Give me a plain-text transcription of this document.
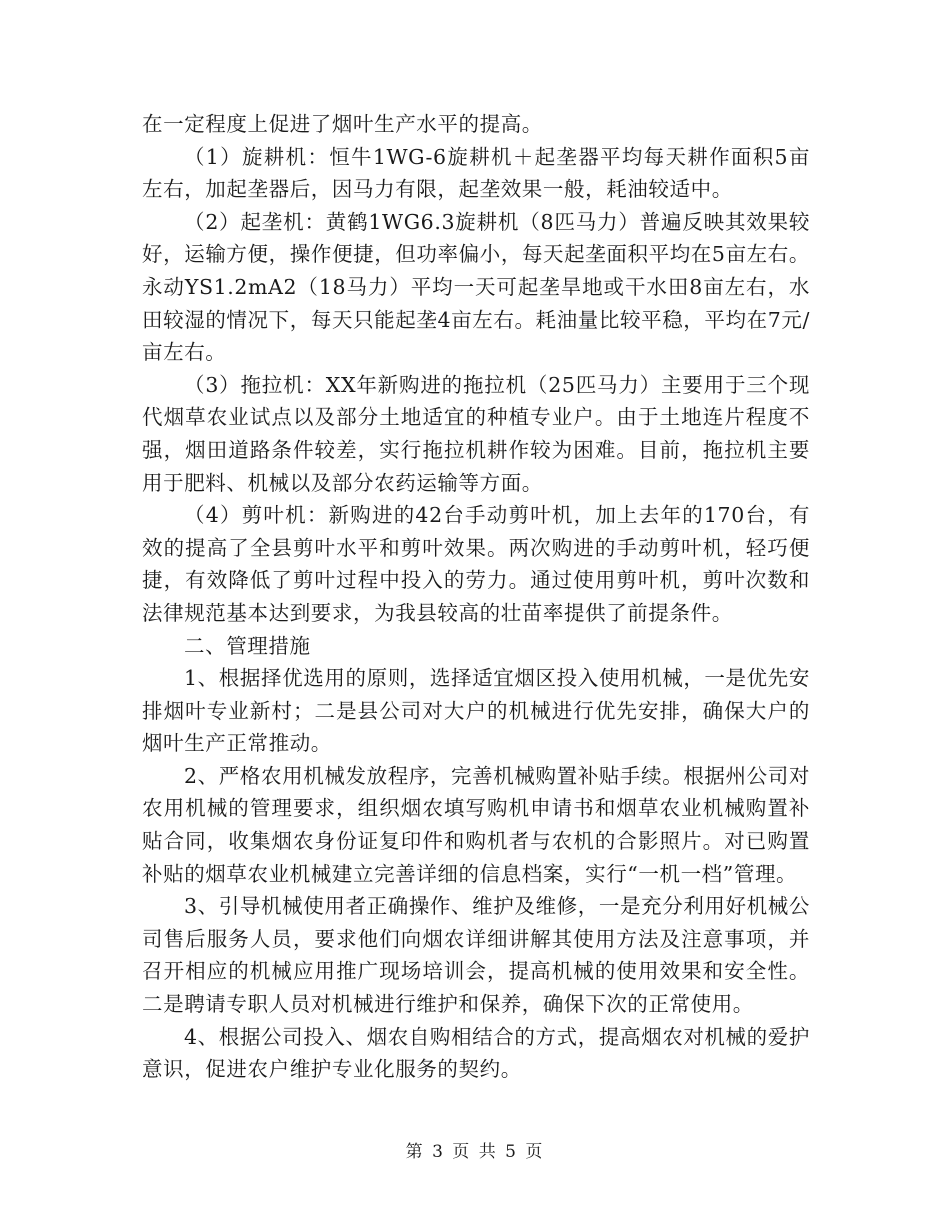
在一定程度上促进了烟叶生产水平的提高。

（1）旋耕机：恒牛1WG-6旋耕机＋起垄器平均每天耕作面积5亩左右，加起垄器后，因马力有限，起垄效果一般，耗油较适中。

（2）起垄机：黄鹤1WG6.3旋耕机（8匹马力）普遍反映其效果较好，运输方便，操作便捷，但功率偏小，每天起垄面积平均在5亩左右。永动YS1.2mA2（18马力）平均一天可起垄旱地或干水田8亩左右，水田较湿的情况下，每天只能起垄4亩左右。耗油量比较平稳，平均在7元/亩左右。

（3）拖拉机：XX年新购进的拖拉机（25匹马力）主要用于三个现代烟草农业试点以及部分土地适宜的种植专业户。由于土地连片程度不强，烟田道路条件较差，实行拖拉机耕作较为困难。目前，拖拉机主要用于肥料、机械以及部分农药运输等方面。

（4）剪叶机：新购进的42台手动剪叶机，加上去年的170台，有效的提高了全县剪叶水平和剪叶效果。两次购进的手动剪叶机，轻巧便捷，有效降低了剪叶过程中投入的劳力。通过使用剪叶机，剪叶次数和法律规范基本达到要求，为我县较高的壮苗率提供了前提条件。

二、管理措施

1、根据择优选用的原则，选择适宜烟区投入使用机械，一是优先安排烟叶专业新村；二是县公司对大户的机械进行优先安排，确保大户的烟叶生产正常推动。

2、严格农用机械发放程序，完善机械购置补贴手续。根据州公司对农用机械的管理要求，组织烟农填写购机申请书和烟草农业机械购置补贴合同，收集烟农身份证复印件和购机者与农机的合影照片。对已购置补贴的烟草农业机械建立完善详细的信息档案，实行“一机一档”管理。

3、引导机械使用者正确操作、维护及维修，一是充分利用好机械公司售后服务人员，要求他们向烟农详细讲解其使用方法及注意事项，并召开相应的机械应用推广现场培训会，提高机械的使用效果和安全性。二是聘请专职人员对机械进行维护和保养，确保下次的正常使用。

4、根据公司投入、烟农自购相结合的方式，提高烟农对机械的爱护意识，促进农户维护专业化服务的契约。

第 3 页 共 5 页
